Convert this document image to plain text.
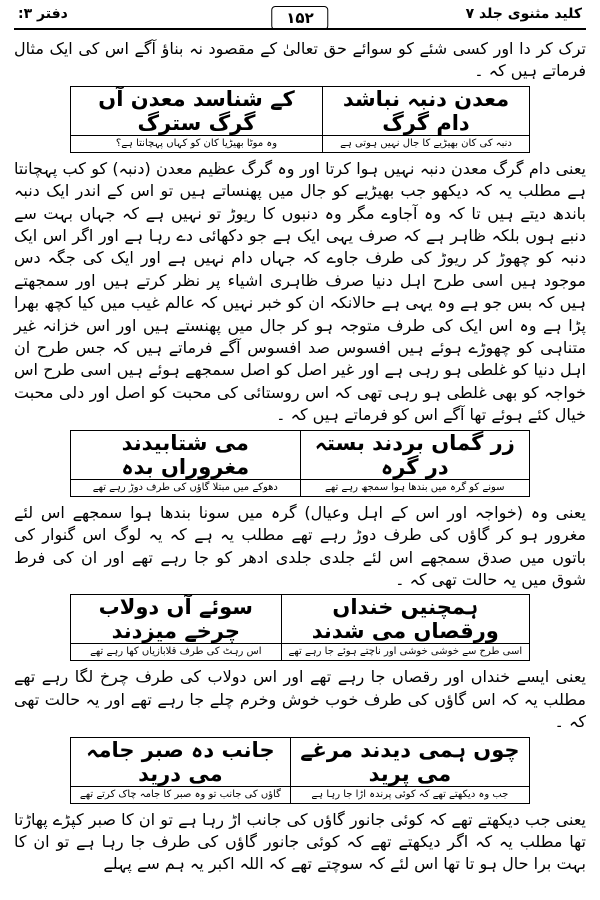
کلید مثنوی جلد ۷
۱۵۲
دفتر ۳:

ترک کر دا اور کسی شئے کو سوائے حق تعالیٰ کے مقصود نہ بناؤ آگے اس کی ایک مثال فرماتے ہیں کہ ۔

معدن دنبہ نباشد دام گرگ	کے شناسد معدن آں گرگ سترگ
دنبہ کی کان بھیڑیے کا جال نہیں ہوتی ہے	وہ موٹا بھیڑیا کان کو کہاں پہچانتا ہے؟

یعنی دام گرگ معدن دنبہ نہیں ہوا کرتا اور وہ گرگ عظیم معدن (دنبہ) کو کب پہچانتا ہے مطلب یہ کہ دیکھو جب بھیڑیے کو جال میں پھنساتے ہیں تو اس کے اندر ایک دنبہ باندھ دیتے ہیں تا کہ وہ آجاوے مگر وہ دنبوں کا ریوڑ تو نہیں ہے کہ جہاں بہت سے دنبے ہوں بلکہ ظاہر ہے کہ صرف یہی ایک ہے جو دکھائی دے رہا ہے اور اگر اس ایک دنبہ کو چھوڑ کر ریوڑ کی طرف جاوے کہ جہاں دام نہیں ہے اور ایک کی جگہ دس موجود ہیں اسی طرح اہل دنیا صرف ظاہری اشیاء پر نظر کرتے ہیں اور سمجھتے ہیں کہ بس جو ہے وہ یہی ہے حالانکہ ان کو خبر نہیں کہ عالم غیب میں کیا کچھ بھرا پڑا ہے وہ اس ایک کی طرف متوجہ ہو کر جال میں پھنستے ہیں اور اس خزانہ غیر متناہی کو چھوڑے ہوئے ہیں افسوس صد افسوس آگے فرماتے ہیں کہ جس طرح ان اہل دنیا کو غلطی ہو رہی ہے اور غیر اصل کو اصل سمجھے ہوئے ہیں اسی طرح اس خواجہ کو بھی غلطی ہو رہی تھی کہ اس روستائی کی محبت کو اصل اور دلی محبت خیال کئے ہوئے تھا آگے اس کو فرماتے ہیں کہ ۔

زر گماں بردند بستہ در گرہ	می شتابیدند مغروراں بدہ
سونے کو گرہ میں بندھا ہوا سمجھ رہے تھے	دھوکے میں مبتلا گاؤں کی طرف دوڑ رہے تھے

یعنی وہ (خواجہ اور اس کے اہل وعیال) گرہ میں سونا بندھا ہوا سمجھے اس لئے مغرور ہو کر گاؤں کی طرف دوڑ رہے تھے مطلب یہ ہے کہ یہ لوگ اس گنوار کی باتوں میں صدق سمجھے اس لئے جلدی جلدی ادھر کو جا رہے تھے اور ان کی فرط شوق میں یہ حالت تھی کہ ۔

ہمچنیں خنداں ورقصاں می شدند	سوئے آں دولاب چرخے میزدند
اسی طرح سے خوشی خوشی اور ناچتے ہوئے جا رہے تھے	اس رہٹ کی طرف قلابازیاں کھا رہے تھے

یعنی ایسے خنداں اور رقصاں جا رہے تھے اور اس دولاب کی طرف چرخ لگا رہے تھے مطلب یہ کہ اس گاؤں کی طرف خوب خوش وخرم چلے جا رہے تھے اور یہ حالت تھی کہ ۔

چوں ہمی دیدند مرغے می پرید	جانب دہ صبر جامہ می درید
جب وہ دیکھتے تھے کہ کوئی پرندہ اڑا جا رہا ہے	گاؤں کی جانب تو وہ صبر کا جامہ چاک کرتے تھے

یعنی جب دیکھتے تھے کہ کوئی جانور گاؤں کی جانب اڑ رہا ہے تو ان کا صبر کپڑے پھاڑتا تھا مطلب یہ کہ اگر دیکھتے تھے کہ کوئی جانور گاؤں کی طرف جا رہا ہے تو ان کا بہت برا حال ہو تا تھا اس لئے کہ سوچتے تھے کہ اللہ اکبر یہ ہم سے پہلے
